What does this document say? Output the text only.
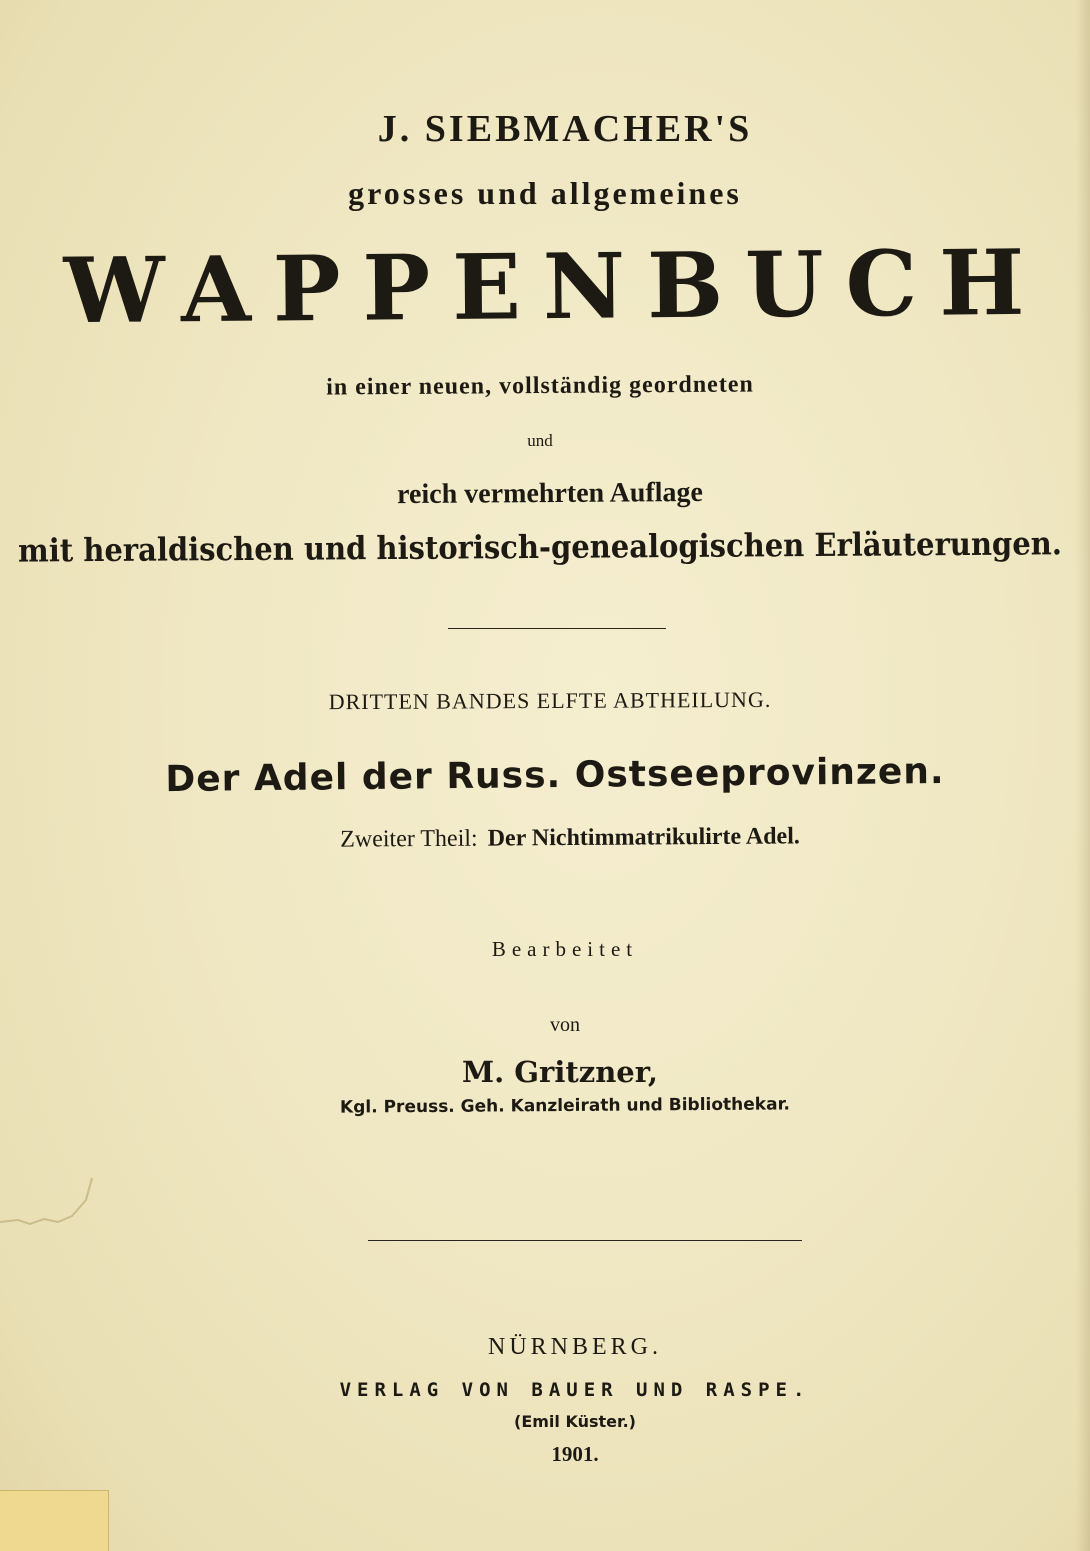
J. SIEBMACHER'S
grosses und allgemeines
WAPPENBUCH
in einer neuen, vollständig geordneten
und
reich vermehrten Auflage
mit heraldischen und historisch-genealogischen Erläuterungen.
DRITTEN BANDES ELFTE ABTHEILUNG.
Der Adel der Russ. Ostseeprovinzen.
Zweiter Theil: Der Nichtimmatrikulirte Adel.
Bearbeitet
von
M. Gritzner,
Kgl. Preuss. Geh. Kanzleirath und Bibliothekar.
NÜRNBERG.
VERLAG VON BAUER UND RASPE.
(Emil Küster.)
1901.
